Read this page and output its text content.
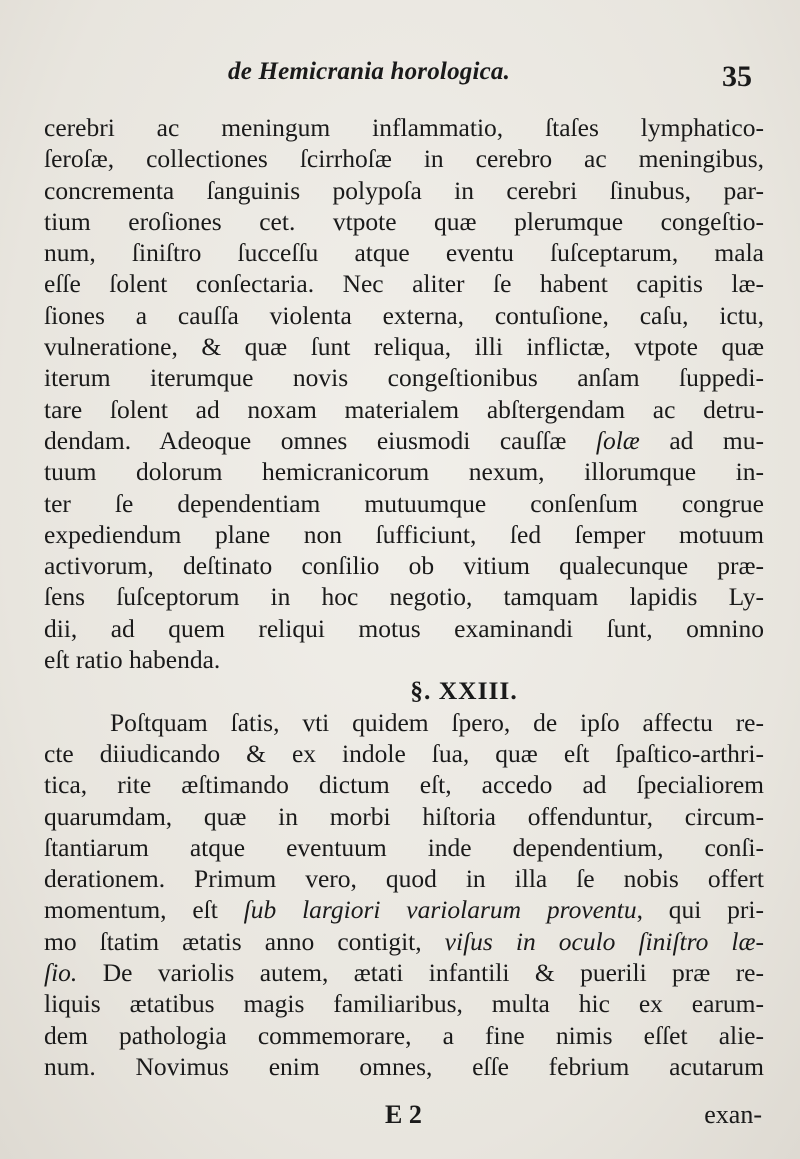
de Hemicrania horologica.	35
cerebri ac meningum inflammatio, ſtaſes lymphatico-
ſeroſæ, collectiones ſcirrhoſæ in cerebro ac meningibus,
concrementa ſanguinis polypoſa in cerebri ſinubus, par-
tium eroſiones cet. vtpote quæ plerumque congeſtio-
num, ſiniſtro ſucceſſu atque eventu ſuſceptarum, mala
eſſe ſolent conſectaria. Nec aliter ſe habent capitis læ-
ſiones a cauſſa violenta externa, contuſione, caſu, ictu,
vulneratione, & quæ ſunt reliqua, illi inflictæ, vtpote quæ
iterum iterumque novis congeſtionibus anſam ſuppedi-
tare ſolent ad noxam materialem abſtergendam ac detru-
dendam. Adeoque omnes eiusmodi cauſſæ ſolæ ad mu-
tuum dolorum hemicranicorum nexum, illorumque in-
ter ſe dependentiam mutuumque conſenſum congrue
expediendum plane non ſufficiunt, ſed ſemper motuum
activorum, deſtinato conſilio ob vitium qualecunque præ-
ſens ſuſceptorum in hoc negotio, tamquam lapidis Ly-
dii, ad quem reliqui motus examinandi ſunt, omnino
eſt ratio habenda.
§. XXIII.
Poſtquam ſatis, vti quidem ſpero, de ipſo affectu re-
cte diiudicando & ex indole ſua, quæ eſt ſpaſtico-arthri-
tica, rite æſtimando dictum eſt, accedo ad ſpecialiorem
quarumdam, quæ in morbi hiſtoria offenduntur, circum-
ſtantiarum atque eventuum inde dependentium, conſi-
derationem. Primum vero, quod in illa ſe nobis offert
momentum, eſt ſub largiori variolarum proventu, qui pri-
mo ſtatim ætatis anno contigit, viſus in oculo ſiniſtro læ-
ſio. De variolis autem, ætati infantili & puerili præ re-
liquis ætatibus magis familiaribus, multa hic ex earum-
dem pathologia commemorare, a fine nimis eſſet alie-
num. Novimus enim omnes, eſſe febrium acutarum
E 2	exan-
